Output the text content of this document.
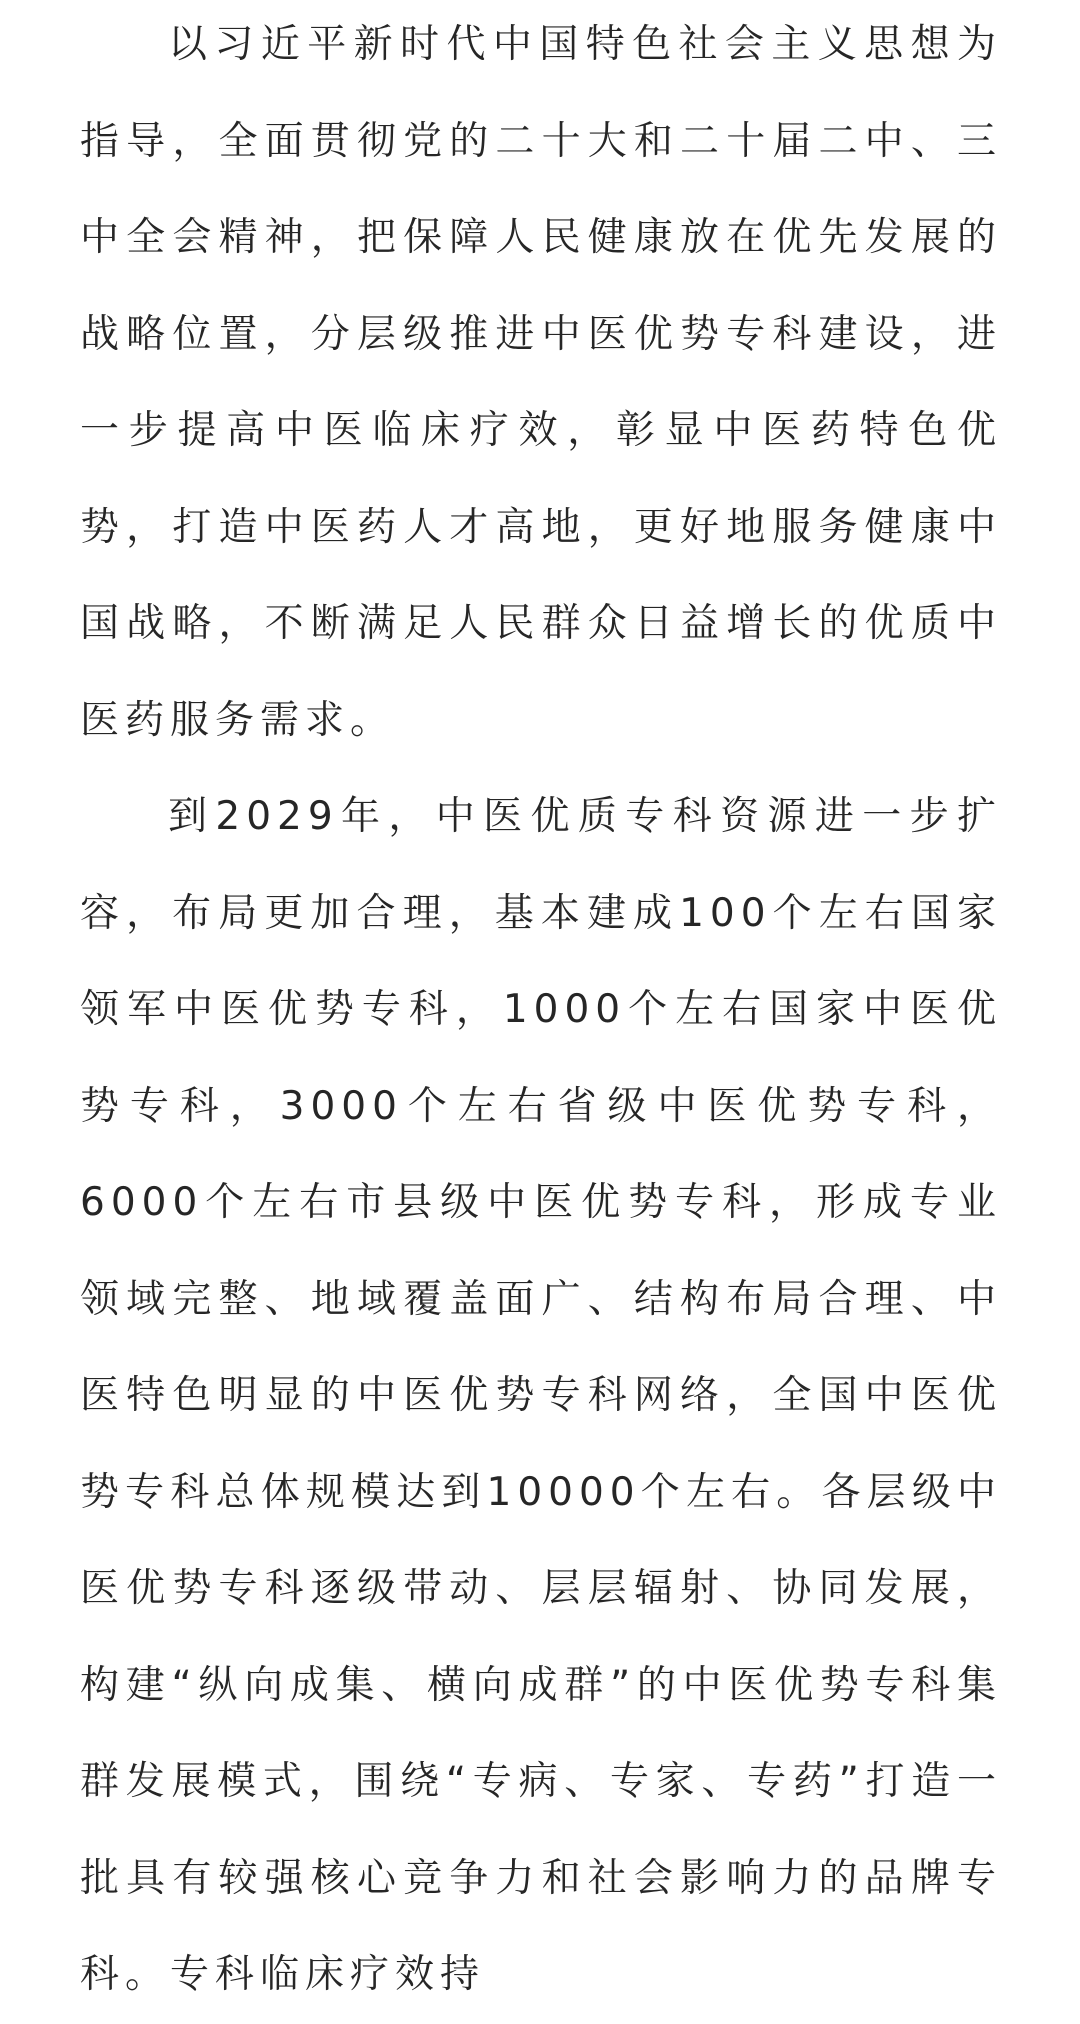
以习近平新时代中国特色社会主义思想为指导，全面贯彻党的二十大和二十届二中、三中全会精神，把保障人民健康放在优先发展的战略位置，分层级推进中医优势专科建设，进一步提高中医临床疗效，彰显中医药特色优势，打造中医药人才高地，更好地服务健康中国战略，不断满足人民群众日益增长的优质中医药服务需求。

到2029年，中医优质专科资源进一步扩容，布局更加合理，基本建成100个左右国家领军中医优势专科，1000个左右国家中医优势专科，3000个左右省级中医优势专科，6000个左右市县级中医优势专科，形成专业领域完整、地域覆盖面广、结构布局合理、中医特色明显的中医优势专科网络，全国中医优势专科总体规模达到10000个左右。各层级中医优势专科逐级带动、层层辐射、协同发展，构建“纵向成集、横向成群”的中医优势专科集群发展模式，围绕“专病、专家、专药”打造一批具有较强核心竞争力和社会影响力的品牌专科。专科临床疗效持
